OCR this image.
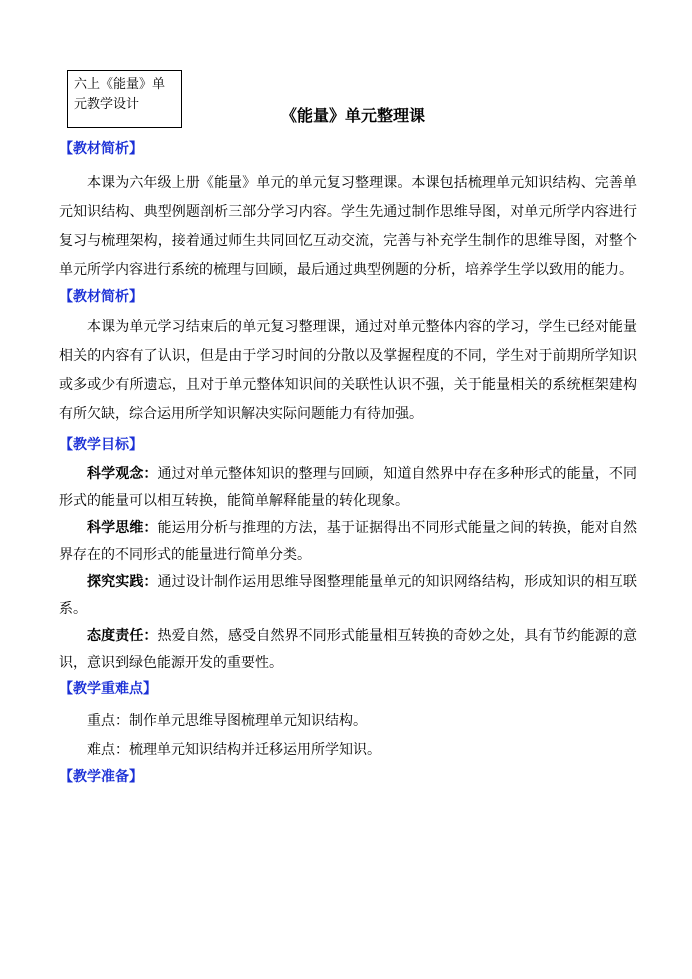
六上《能量》单
元教学设计
《能量》单元整理课

【教材简析】

本课为六年级上册《能量》单元的单元复习整理课。本课包括梳理单元知识结构、完善单元知识结构、典型例题剖析三部分学习内容。学生先通过制作思维导图，对单元所学内容进行复习与梳理架构，接着通过师生共同回忆互动交流，完善与补充学生制作的思维导图，对整个单元所学内容进行系统的梳理与回顾，最后通过典型例题的分析，培养学生学以致用的能力。

【教材简析】

本课为单元学习结束后的单元复习整理课，通过对单元整体内容的学习，学生已经对能量相关的内容有了认识，但是由于学习时间的分散以及掌握程度的不同，学生对于前期所学知识或多或少有所遗忘，且对于单元整体知识间的关联性认识不强，关于能量相关的系统框架建构有所欠缺，综合运用所学知识解决实际问题能力有待加强。

【教学目标】

科学观念：通过对单元整体知识的整理与回顾，知道自然界中存在多种形式的能量，不同形式的能量可以相互转换，能简单解释能量的转化现象。

科学思维：能运用分析与推理的方法，基于证据得出不同形式能量之间的转换，能对自然界存在的不同形式的能量进行简单分类。

探究实践：通过设计制作运用思维导图整理能量单元的知识网络结构，形成知识的相互联系。

态度责任：热爱自然，感受自然界不同形式能量相互转换的奇妙之处，具有节约能源的意识，意识到绿色能源开发的重要性。

【教学重难点】

重点：制作单元思维导图梳理单元知识结构。

难点：梳理单元知识结构并迁移运用所学知识。

【教学准备】
